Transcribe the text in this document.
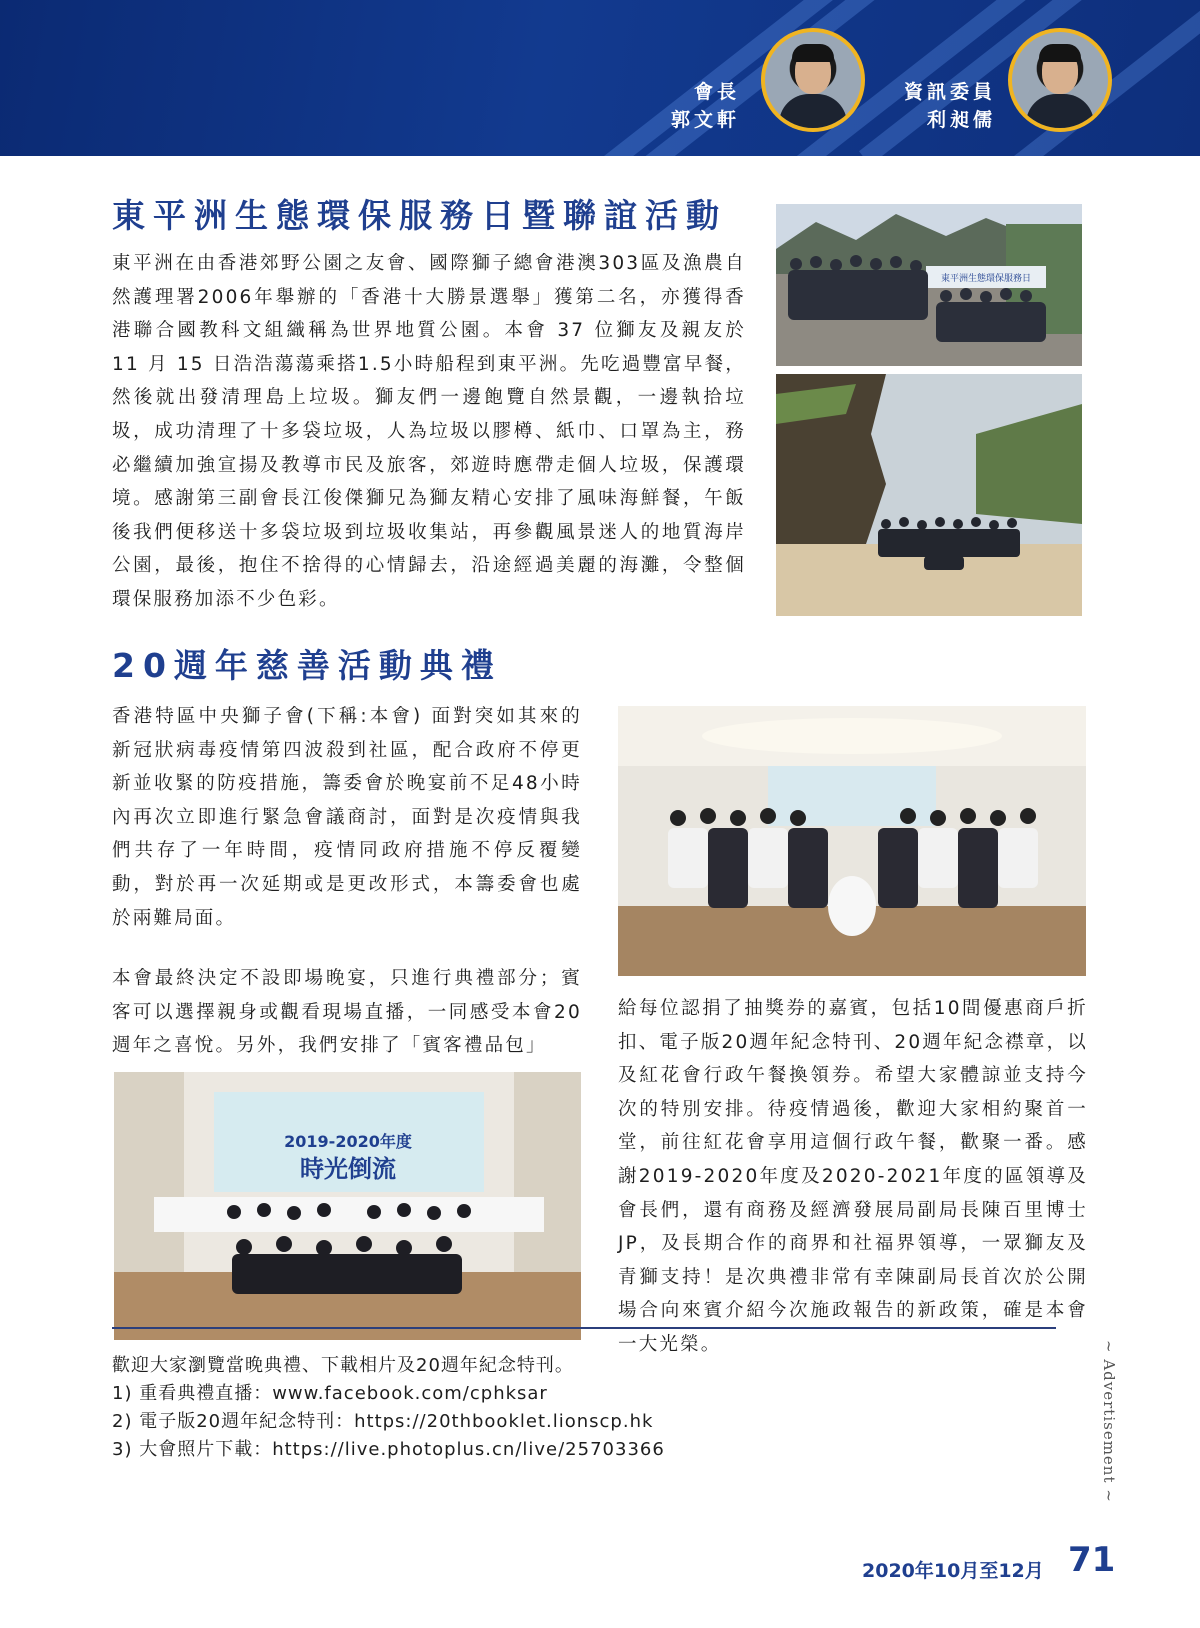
會長
郭文軒
資訊委員
利昶儒
東平洲生態環保服務日暨聯誼活動

東平洲在由香港郊野公園之友會、國際獅子總會港澳303區及漁農自然護理署2006年舉辦的「香港十大勝景選舉」獲第二名，亦獲得香港聯合國教科文組織稱為世界地質公園。本會 37 位獅友及親友於 11 月 15 日浩浩蕩蕩乘搭1.5小時船程到東平洲。先吃過豐富早餐，然後就出發清理島上垃圾。獅友們一邊飽覽自然景觀，一邊執拾垃圾，成功清理了十多袋垃圾，人為垃圾以膠樽、紙巾、口罩為主，務必繼續加強宣揚及教導市民及旅客，郊遊時應帶走個人垃圾，保護環境。感謝第三副會長江俊傑獅兄為獅友精心安排了風味海鮮餐，午飯後我們便移送十多袋垃圾到垃圾收集站，再參觀風景迷人的地質海岸公園，最後，抱住不捨得的心情歸去，沿途經過美麗的海灘，令整個環保服務加添不少色彩。

東平洲生態環保服務日
20週年慈善活動典禮

香港特區中央獅子會(下稱:本會) 面對突如其來的新冠狀病毒疫情第四波殺到社區，配合政府不停更新並收緊的防疫措施，籌委會於晚宴前不足48小時內再次立即進行緊急會議商討，面對是次疫情與我們共存了一年時間，疫情同政府措施不停反覆變動，對於再一次延期或是更改形式，本籌委會也處於兩難局面。

本會最終決定不設即場晚宴，只進行典禮部分；賓客可以選擇親身或觀看現場直播，一同感受本會20週年之喜悅。另外，我們安排了「賓客禮品包」

給每位認捐了抽獎券的嘉賓，包括10間優惠商戶折扣、電子版20週年紀念特刊、20週年紀念襟章，以及紅花會行政午餐換領券。希望大家體諒並支持今次的特別安排。待疫情過後，歡迎大家相約聚首一堂，前往紅花會享用這個行政午餐，歡聚一番。感謝2019-2020年度及2020-2021年度的區領導及會長們，還有商務及經濟發展局副局長陳百里博士JP，及長期合作的商界和社福界領導，一眾獅友及青獅支持！是次典禮非常有幸陳副局長首次於公開場合向來賓介紹今次施政報告的新政策，確是本會一大光榮。

2019-2020年度
時光倒流
歡迎大家瀏覽當晚典禮、下載相片及20週年紀念特刊。
1) 重看典禮直播：www.facebook.com/cphksar
2) 電子版20週年紀念特刊：https://20thbooklet.lionscp.hk
3) 大會照片下載：https://live.photoplus.cn/live/25703366	~ Advertisement ~
2020年10月至12月 71
